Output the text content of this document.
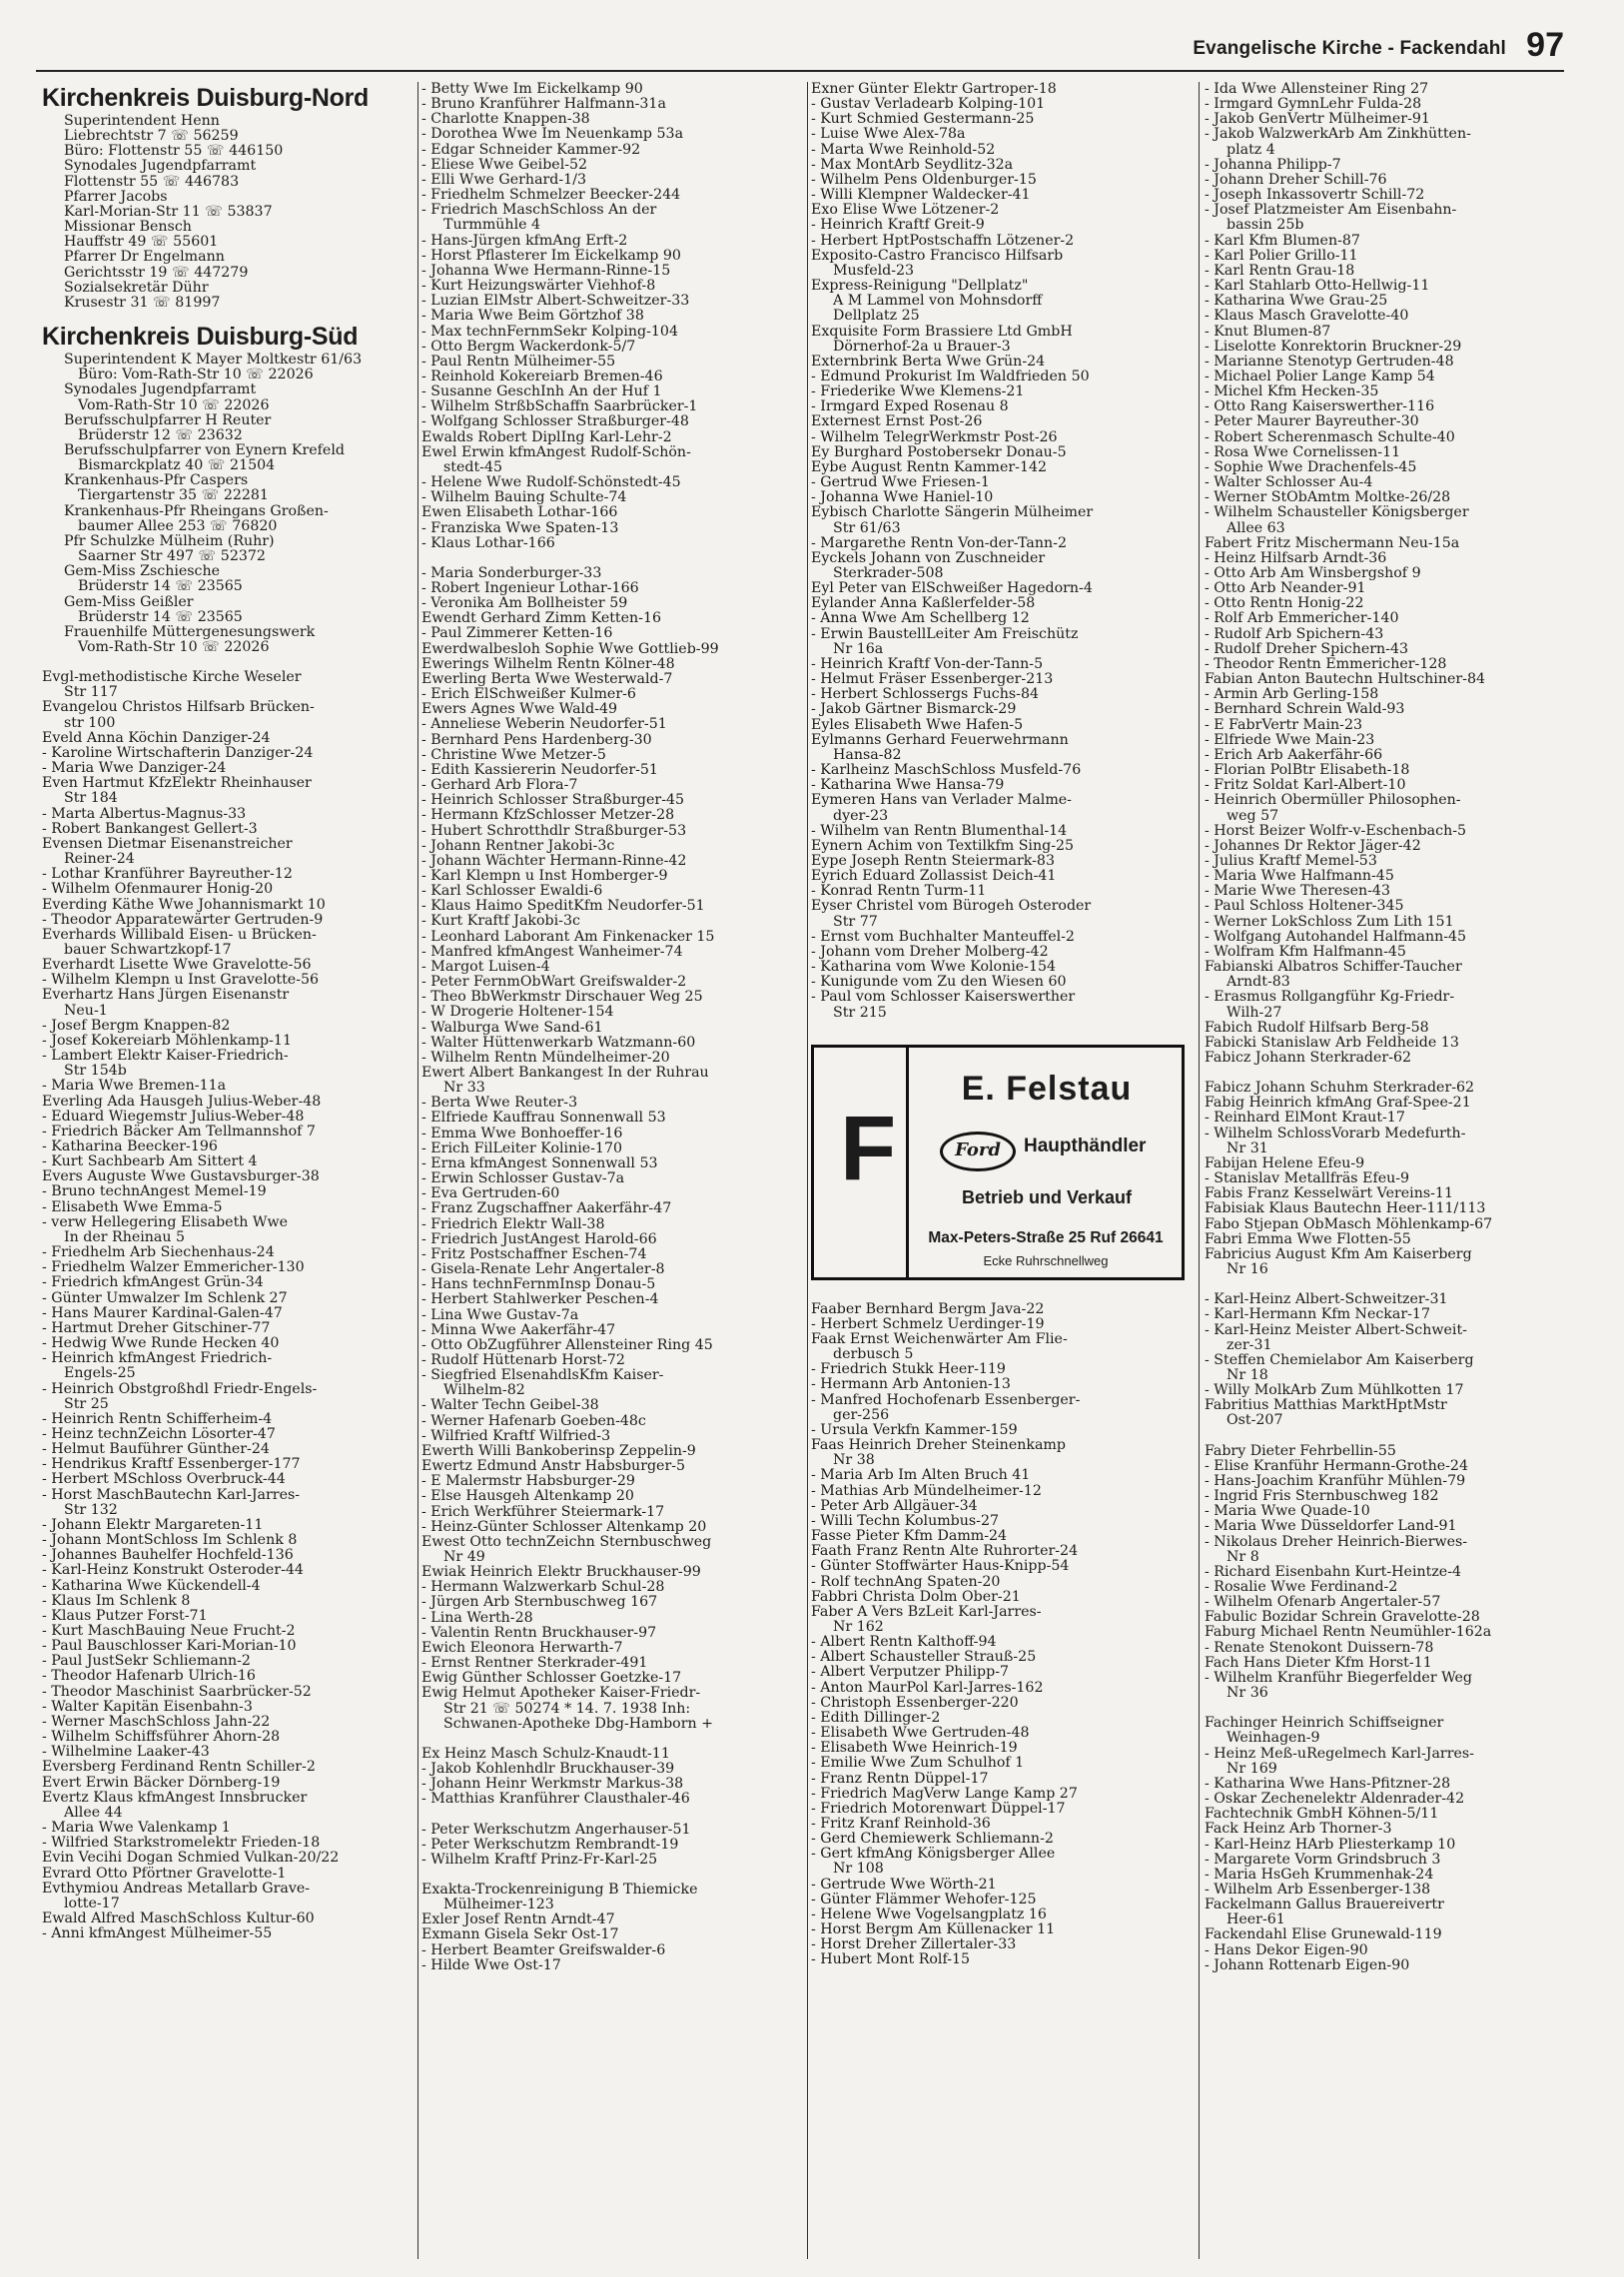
Evangelische Kirche - Fackendahl 97
Kirchenkreis Duisburg-Nord
Superintendent Henn
Liebrechtstr 7 ☏ 56259
Büro: Flottenstr 55 ☏ 446150
Synodales Jugendpfarramt
Flottenstr 55 ☏ 446783
Pfarrer Jacobs
Karl-Morian-Str 11 ☏ 53837
Missionar Bensch
Hauffstr 49 ☏ 55601
Pfarrer Dr Engelmann
Gerichtsstr 19 ☏ 447279
Sozialsekretär Dühr
Krusestr 31 ☏ 81997
Kirchenkreis Duisburg-Süd
Superintendent K Mayer Moltkestr 61/63
Büro: Vom-Rath-Str 10 ☏ 22026
Synodales Jugendpfarramt
Vom-Rath-Str 10 ☏ 22026
Berufsschulpfarrer H Reuter
Brüderstr 12 ☏ 23632
Berufsschulpfarrer von Eynern Krefeld
Bismarckplatz 40 ☏ 21504
Krankenhaus-Pfr Caspers
Tiergartenstr 35 ☏ 22281
Krankenhaus-Pfr Rheingans Großen-
baumer Allee 253 ☏ 76820
Pfr Schulzke Mülheim (Ruhr)
Saarner Str 497 ☏ 52372
Gem-Miss Zschiesche
Brüderstr 14 ☏ 23565
Gem-Miss Geißler
Brüderstr 14 ☏ 23565
Frauenhilfe Müttergenesungswerk
Vom-Rath-Str 10 ☏ 22026
Evgl-methodistische Kirche Weseler
Str 117
Evangelou Christos Hilfsarb Brücken-
str 100
Eveld Anna Köchin Danziger-24
- Karoline Wirtschafterin Danziger-24
- Maria Wwe Danziger-24
Even Hartmut KfzElektr Rheinhauser
Str 184
- Marta Albertus-Magnus-33
- Robert Bankangest Gellert-3
Evensen Dietmar Eisenanstreicher
Reiner-24
- Lothar Kranführer Bayreuther-12
- Wilhelm Ofenmaurer Honig-20
Everding Käthe Wwe Johannismarkt 10
- Theodor Apparatewärter Gertruden-9
Everhards Willibald Eisen- u Brücken-
bauer Schwartzkopf-17
Everhardt Lisette Wwe Gravelotte-56
- Wilhelm Klempn u Inst Gravelotte-56
Everhartz Hans Jürgen Eisenanstr
Neu-1
- Josef Bergm Knappen-82
- Josef Kokereiarb Möhlenkamp-11
- Lambert Elektr Kaiser-Friedrich-
Str 154b
- Maria Wwe Bremen-11a
Everling Ada Hausgeh Julius-Weber-48
- Eduard Wiegemstr Julius-Weber-48
- Friedrich Bäcker Am Tellmannshof 7
- Katharina Beecker-196
- Kurt Sachbearb Am Sittert 4
Evers Auguste Wwe Gustavsburger-38
- Bruno technAngest Memel-19
- Elisabeth Wwe Emma-5
- verw Hellegering Elisabeth Wwe
In der Rheinau 5
- Friedhelm Arb Siechenhaus-24
- Friedhelm Walzer Emmericher-130
- Friedrich kfmAngest Grün-34
- Günter Umwalzer Im Schlenk 27
- Hans Maurer Kardinal-Galen-47
- Hartmut Dreher Gitschiner-77
- Hedwig Wwe Runde Hecken 40
- Heinrich kfmAngest Friedrich-
Engels-25
- Heinrich Obstgroßhdl Friedr-Engels-
Str 25
- Heinrich Rentn Schifferheim-4
- Heinz technZeichn Lösorter-47
- Helmut Bauführer Günther-24
- Hendrikus Kraftf Essenberger-177
- Herbert MSchloss Overbruck-44
- Horst MaschBautechn Karl-Jarres-
Str 132
- Johann Elektr Margareten-11
- Johann MontSchloss Im Schlenk 8
- Johannes Bauhelfer Hochfeld-136
- Karl-Heinz Konstrukt Osteroder-44
- Katharina Wwe Kückendell-4
- Klaus Im Schlenk 8
- Klaus Putzer Forst-71
- Kurt MaschBauing Neue Frucht-2
- Paul Bauschlosser Kari-Morian-10
- Paul JustSekr Schliemann-2
- Theodor Hafenarb Ulrich-16
- Theodor Maschinist Saarbrücker-52
- Walter Kapitän Eisenbahn-3
- Werner MaschSchloss Jahn-22
- Wilhelm Schiffsführer Ahorn-28
- Wilhelmine Laaker-43
Eversberg Ferdinand Rentn Schiller-2
Evert Erwin Bäcker Dörnberg-19
Evertz Klaus kfmAngest Innsbrucker
Allee 44
- Maria Wwe Valenkamp 1
- Wilfried Starkstromelektr Frieden-18
Evin Vecihi Dogan Schmied Vulkan-20/22
Evrard Otto Pförtner Gravelotte-1
Evthymiou Andreas Metallarb Grave-
lotte-17
Ewald Alfred MaschSchloss Kultur-60
- Anni kfmAngest Mülheimer-55
- Betty Wwe Im Eickelkamp 90
- Bruno Kranführer Halfmann-31a
- Charlotte Knappen-38
- Dorothea Wwe Im Neuenkamp 53a
- Edgar Schneider Kammer-92
- Eliese Wwe Geibel-52
- Elli Wwe Gerhard-1/3
- Friedhelm Schmelzer Beecker-244
- Friedrich MaschSchloss An der
Turmmühle 4
- Hans-Jürgen kfmAng Erft-2
- Horst Pflasterer Im Eickelkamp 90
- Johanna Wwe Hermann-Rinne-15
- Kurt Heizungswärter Viehhof-8
- Luzian ElMstr Albert-Schweitzer-33
- Maria Wwe Beim Görtzhof 38
- Max technFernmSekr Kolping-104
- Otto Bergm Wackerdonk-5/7
- Paul Rentn Mülheimer-55
- Reinhold Kokereiarb Bremen-46
- Susanne GeschInh An der Huf 1
- Wilhelm StrßbSchaffn Saarbrücker-1
- Wolfgang Schlosser Straßburger-48
Ewalds Robert DiplIng Karl-Lehr-2
Ewel Erwin kfmAngest Rudolf-Schön-
stedt-45
- Helene Wwe Rudolf-Schönstedt-45
- Wilhelm Bauing Schulte-74
Ewen Elisabeth Lothar-166
- Franziska Wwe Spaten-13
- Klaus Lothar-166
- Maria Sonderburger-33
- Robert Ingenieur Lothar-166
- Veronika Am Bollheister 59
Ewendt Gerhard Zimm Ketten-16
- Paul Zimmerer Ketten-16
Ewerdwalbesloh Sophie Wwe Gottlieb-99
Ewerings Wilhelm Rentn Kölner-48
Ewerling Berta Wwe Westerwald-7
- Erich ElSchweißer Kulmer-6
Ewers Agnes Wwe Wald-49
- Anneliese Weberin Neudorfer-51
- Bernhard Pens Hardenberg-30
- Christine Wwe Metzer-5
- Edith Kassiererin Neudorfer-51
- Gerhard Arb Flora-7
- Heinrich Schlosser Straßburger-45
- Hermann KfzSchlosser Metzer-28
- Hubert Schrotthdlr Straßburger-53
- Johann Rentner Jakobi-3c
- Johann Wächter Hermann-Rinne-42
- Karl Klempn u Inst Homberger-9
- Karl Schlosser Ewaldi-6
- Klaus Haimo SpeditKfm Neudorfer-51
- Kurt Kraftf Jakobi-3c
- Leonhard Laborant Am Finkenacker 15
- Manfred kfmAngest Wanheimer-74
- Margot Luisen-4
- Peter FernmObWart Greifswalder-2
- Theo BbWerkmstr Dirschauer Weg 25
- W Drogerie Holtener-154
- Walburga Wwe Sand-61
- Walter Hüttenwerkarb Watzmann-60
- Wilhelm Rentn Mündelheimer-20
Ewert Albert Bankangest In der Ruhrau
Nr 33
- Berta Wwe Reuter-3
- Elfriede Kauffrau Sonnenwall 53
- Emma Wwe Bonhoeffer-16
- Erich FilLeiter Kolinie-170
- Erna kfmAngest Sonnenwall 53
- Erwin Schlosser Gustav-7a
- Eva Gertruden-60
- Franz Zugschaffner Aakerfähr-47
- Friedrich Elektr Wall-38
- Friedrich JustAngest Harold-66
- Fritz Postschaffner Eschen-74
- Gisela-Renate Lehr Angertaler-8
- Hans technFernmInsp Donau-5
- Herbert Stahlwerker Peschen-4
- Lina Wwe Gustav-7a
- Minna Wwe Aakerfähr-47
- Otto ObZugführer Allensteiner Ring 45
- Rudolf Hüttenarb Horst-72
- Siegfried ElsenahdlsKfm Kaiser-
Wilhelm-82
- Walter Techn Geibel-38
- Werner Hafenarb Goeben-48c
- Wilfried Kraftf Wilfried-3
Ewerth Willi Bankoberinsp Zeppelin-9
Ewertz Edmund Anstr Habsburger-5
- E Malermstr Habsburger-29
- Else Hausgeh Altenkamp 20
- Erich Werkführer Steiermark-17
- Heinz-Günter Schlosser Altenkamp 20
Ewest Otto technZeichn Sternbuschweg
Nr 49
Ewiak Heinrich Elektr Bruckhauser-99
- Hermann Walzwerkarb Schul-28
- Jürgen Arb Sternbuschweg 167
- Lina Werth-28
- Valentin Rentn Bruckhauser-97
Ewich Eleonora Herwarth-7
- Ernst Rentner Sterkrader-491
Ewig Günther Schlosser Goetzke-17
Ewig Helmut Apotheker Kaiser-Friedr-
Str 21 ☏ 50274 * 14. 7. 1938 Inh:
Schwanen-Apotheke Dbg-Hamborn +
Ex Heinz Masch Schulz-Knaudt-11
- Jakob Kohlenhdlr Bruckhauser-39
- Johann Heinr Werkmstr Markus-38
- Matthias Kranführer Clausthaler-46
- Peter Werkschutzm Angerhauser-51
- Peter Werkschutzm Rembrandt-19
- Wilhelm Kraftf Prinz-Fr-Karl-25
Exakta-Trockenreinigung B Thiemicke
Mülheimer-123
Exler Josef Rentn Arndt-47
Exmann Gisela Sekr Ost-17
- Herbert Beamter Greifswalder-6
- Hilde Wwe Ost-17
Exner Günter Elektr Gartroper-18
- Gustav Verladearb Kolping-101
- Kurt Schmied Gestermann-25
- Luise Wwe Alex-78a
- Marta Wwe Reinhold-52
- Max MontArb Seydlitz-32a
- Wilhelm Pens Oldenburger-15
- Willi Klempner Waldecker-41
Exo Elise Wwe Lötzener-2
- Heinrich Kraftf Greit-9
- Herbert HptPostschaffn Lötzener-2
Exposito-Castro Francisco Hilfsarb
Musfeld-23
Express-Reinigung "Dellplatz"
A M Lammel von Mohnsdorff
Dellplatz 25
Exquisite Form Brassiere Ltd GmbH
Dörnerhof-2a u Brauer-3
Externbrink Berta Wwe Grün-24
- Edmund Prokurist Im Waldfrieden 50
- Friederike Wwe Klemens-21
- Irmgard Exped Rosenau 8
Externest Ernst Post-26
- Wilhelm TelegrWerkmstr Post-26
Ey Burghard Postobersekr Donau-5
Eybe August Rentn Kammer-142
- Gertrud Wwe Friesen-1
- Johanna Wwe Haniel-10
Eybisch Charlotte Sängerin Mülheimer
Str 61/63
- Margarethe Rentn Von-der-Tann-2
Eyckels Johann von Zuschneider
Sterkrader-508
Eyl Peter van ElSchweißer Hagedorn-4
Eylander Anna Kaßlerfelder-58
- Anna Wwe Am Schellberg 12
- Erwin BaustellLeiter Am Freischütz
Nr 16a
- Heinrich Kraftf Von-der-Tann-5
- Helmut Fräser Essenberger-213
- Herbert Schlossergs Fuchs-84
- Jakob Gärtner Bismarck-29
Eyles Elisabeth Wwe Hafen-5
Eylmanns Gerhard Feuerwehrmann
Hansa-82
- Karlheinz MaschSchloss Musfeld-76
- Katharina Wwe Hansa-79
Eymeren Hans van Verlader Malme-
dyer-23
- Wilhelm van Rentn Blumenthal-14
Eynern Achim von Textilkfm Sing-25
Eype Joseph Rentn Steiermark-83
Eyrich Eduard Zollassist Deich-41
- Konrad Rentn Turm-11
Eyser Christel vom Bürogeh Osteroder
Str 77
- Ernst vom Buchhalter Manteuffel-2
- Johann vom Dreher Molberg-42
- Katharina vom Wwe Kolonie-154
- Kunigunde vom Zu den Wiesen 60
- Paul vom Schlosser Kaiserswerther
Str 215
F
E. Felstau
Ford	Haupthändler
Betrieb und Verkauf
Max-Peters-Straße 25 Ruf 26641
Ecke Ruhrschnellweg
Faaber Bernhard Bergm Java-22
- Herbert Schmelz Uerdinger-19
Faak Ernst Weichenwärter Am Flie-
derbusch 5
- Friedrich Stukk Heer-119
- Hermann Arb Antonien-13
- Manfred Hochofenarb Essenberger-
ger-256
- Ursula Verkfn Kammer-159
Faas Heinrich Dreher Steinenkamp
Nr 38
- Maria Arb Im Alten Bruch 41
- Mathias Arb Mündelheimer-12
- Peter Arb Allgäuer-34
- Willi Techn Kolumbus-27
Fasse Pieter Kfm Damm-24
Faath Franz Rentn Alte Ruhrorter-24
- Günter Stoffwärter Haus-Knipp-54
- Rolf technAng Spaten-20
Fabbri Christa Dolm Ober-21
Faber A Vers BzLeit Karl-Jarres-
Nr 162
- Albert Rentn Kalthoff-94
- Albert Schausteller Strauß-25
- Albert Verputzer Philipp-7
- Anton MaurPol Karl-Jarres-162
- Christoph Essenberger-220
- Edith Dillinger-2
- Elisabeth Wwe Gertruden-48
- Elisabeth Wwe Heinrich-19
- Emilie Wwe Zum Schulhof 1
- Franz Rentn Düppel-17
- Friedrich MagVerw Lange Kamp 27
- Friedrich Motorenwart Düppel-17
- Fritz Kranf Reinhold-36
- Gerd Chemiewerk Schliemann-2
- Gert kfmAng Königsberger Allee
Nr 108
- Gertrude Wwe Wörth-21
- Günter Flämmer Wehofer-125
- Helene Wwe Vogelsangplatz 16
- Horst Bergm Am Küllenacker 11
- Horst Dreher Zillertaler-33
- Hubert Mont Rolf-15
- Ida Wwe Allensteiner Ring 27
- Irmgard GymnLehr Fulda-28
- Jakob GenVertr Mülheimer-91
- Jakob WalzwerkArb Am Zinkhütten-
platz 4
- Johanna Philipp-7
- Johann Dreher Schill-76
- Joseph Inkassovertr Schill-72
- Josef Platzmeister Am Eisenbahn-
bassin 25b
- Karl Kfm Blumen-87
- Karl Polier Grillo-11
- Karl Rentn Grau-18
- Karl Stahlarb Otto-Hellwig-11
- Katharina Wwe Grau-25
- Klaus Masch Gravelotte-40
- Knut Blumen-87
- Liselotte Konrektorin Bruckner-29
- Marianne Stenotyp Gertruden-48
- Michael Polier Lange Kamp 54
- Michel Kfm Hecken-35
- Otto Rang Kaiserswerther-116
- Peter Maurer Bayreuther-30
- Robert Scherenmasch Schulte-40
- Rosa Wwe Cornelissen-11
- Sophie Wwe Drachenfels-45
- Walter Schlosser Au-4
- Werner StObAmtm Moltke-26/28
- Wilhelm Schausteller Königsberger
Allee 63
Fabert Fritz Mischermann Neu-15a
- Heinz Hilfsarb Arndt-36
- Otto Arb Am Winsbergshof 9
- Otto Arb Neander-91
- Otto Rentn Honig-22
- Rolf Arb Emmericher-140
- Rudolf Arb Spichern-43
- Rudolf Dreher Spichern-43
- Theodor Rentn Emmericher-128
Fabian Anton Bautechn Hultschiner-84
- Armin Arb Gerling-158
- Bernhard Schrein Wald-93
- E FabrVertr Main-23
- Elfriede Wwe Main-23
- Erich Arb Aakerfähr-66
- Florian PolBtr Elisabeth-18
- Fritz Soldat Karl-Albert-10
- Heinrich Obermüller Philosophen-
weg 57
- Horst Beizer Wolfr-v-Eschenbach-5
- Johannes Dr Rektor Jäger-42
- Julius Kraftf Memel-53
- Maria Wwe Halfmann-45
- Marie Wwe Theresen-43
- Paul Schloss Holtener-345
- Werner LokSchloss Zum Lith 151
- Wolfgang Autohandel Halfmann-45
- Wolfram Kfm Halfmann-45
Fabianski Albatros Schiffer-Taucher
Arndt-83
- Erasmus Rollgangführ Kg-Friedr-
Wilh-27
Fabich Rudolf Hilfsarb Berg-58
Fabicki Stanislaw Arb Feldheide 13
Fabicz Johann Sterkrader-62
Fabicz Johann Schuhm Sterkrader-62
Fabig Heinrich kfmAng Graf-Spee-21
- Reinhard ElMont Kraut-17
- Wilhelm SchlossVorarb Medefurth-
Nr 31
Fabijan Helene Efeu-9
- Stanislav Metallfräs Efeu-9
Fabis Franz Kesselwärt Vereins-11
Fabisiak Klaus Bautechn Heer-111/113
Fabo Stjepan ObMasch Möhlenkamp-67
Fabri Emma Wwe Flotten-55
Fabricius August Kfm Am Kaiserberg
Nr 16
- Karl-Heinz Albert-Schweitzer-31
- Karl-Hermann Kfm Neckar-17
- Karl-Heinz Meister Albert-Schweit-
zer-31
- Steffen Chemielabor Am Kaiserberg
Nr 18
- Willy MolkArb Zum Mühlkotten 17
Fabritius Matthias MarktHptMstr
Ost-207
Fabry Dieter Fehrbellin-55
- Elise Kranführ Hermann-Grothe-24
- Hans-Joachim Kranführ Mühlen-79
- Ingrid Fris Sternbuschweg 182
- Maria Wwe Quade-10
- Maria Wwe Düsseldorfer Land-91
- Nikolaus Dreher Heinrich-Bierwes-
Nr 8
- Richard Eisenbahn Kurt-Heintze-4
- Rosalie Wwe Ferdinand-2
- Wilhelm Ofenarb Angertaler-57
Fabulic Bozidar Schrein Gravelotte-28
Faburg Michael Rentn Neumühler-162a
- Renate Stenokont Duissern-78
Fach Hans Dieter Kfm Horst-11
- Wilhelm Kranführ Biegerfelder Weg
Nr 36
Fachinger Heinrich Schiffseigner
Weinhagen-9
- Heinz Meß-uRegelmech Karl-Jarres-
Nr 169
- Katharina Wwe Hans-Pfitzner-28
- Oskar Zechenelektr Aldenrader-42
Fachtechnik GmbH Köhnen-5/11
Fack Heinz Arb Thorner-3
- Karl-Heinz HArb Pliesterkamp 10
- Margarete Vorm Grindsbruch 3
- Maria HsGeh Krummenhak-24
- Wilhelm Arb Essenberger-138
Fackelmann Gallus Brauereivertr
Heer-61
Fackendahl Elise Grunewald-119
- Hans Dekor Eigen-90
- Johann Rottenarb Eigen-90
